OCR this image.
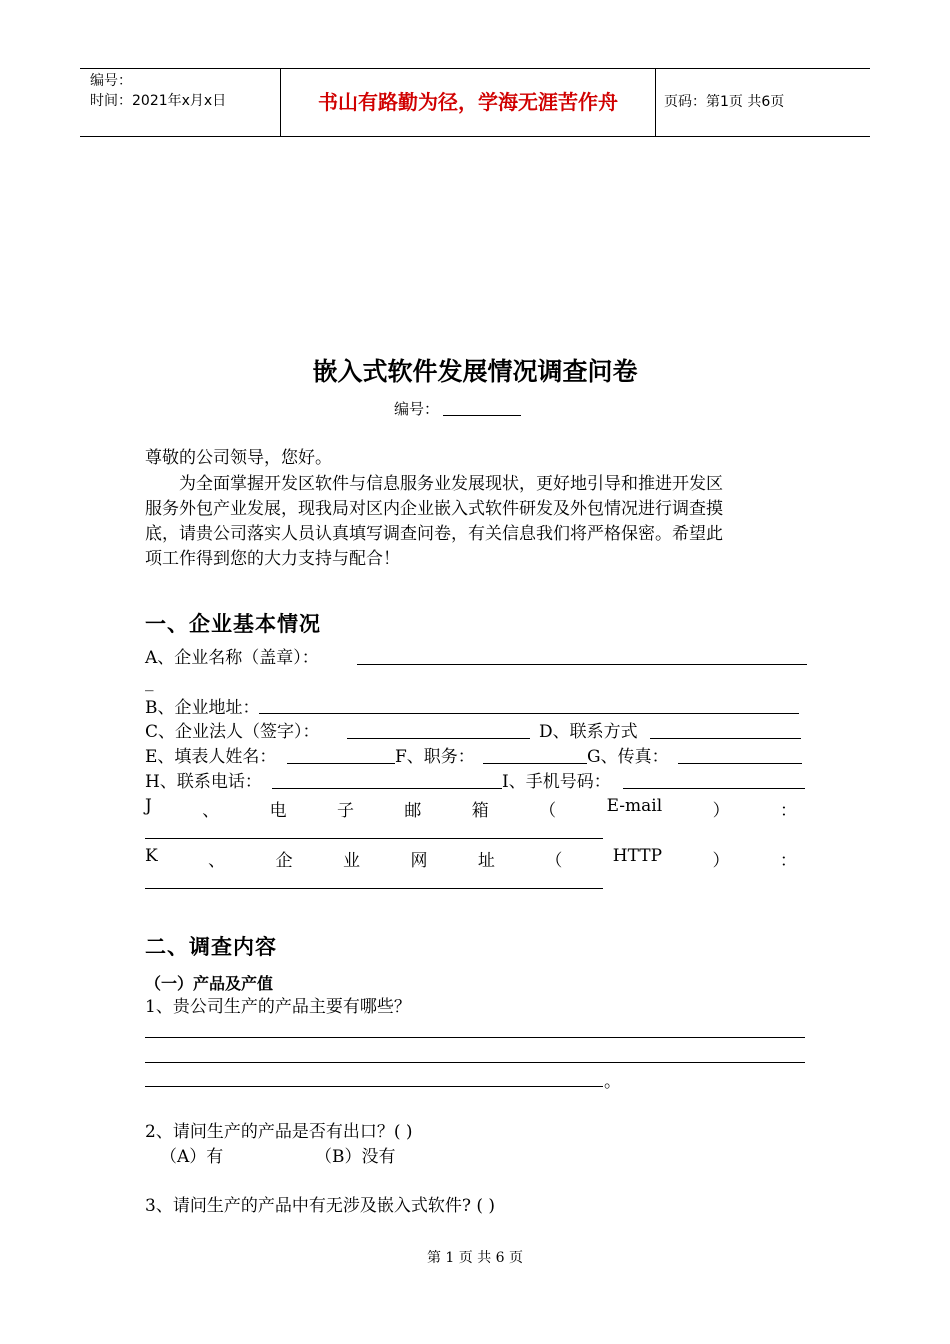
编号：
时间：2021年x月x日	书山有路勤为径，学海无涯苦作舟	页码：第1页 共6页
嵌入式软件发展情况调查问卷
编号：
尊敬的公司领导，您好。
　　为全面掌握开发区软件与信息服务业发展现状，更好地引导和推进开发区
服务外包产业发展，现我局对区内企业嵌入式软件研发及外包情况进行调查摸
底，请贵公司落实人员认真填写调查问卷，有关信息我们将严格保密。希望此
项工作得到您的大力支持与配合！
一、企业基本情况
A、企业名称（盖章）：
_
B、企业地址：
C、企业法人（签字）：	D、联系方式
E、填表人姓名：	F、职务：	G、传真：
H、联系电话：	I、手机号码：
J	、	电	子	邮	箱	（	E-mail	）	：
K	、	企	业	网	址	（	HTTP	）	：
二、调查内容
（一）产品及产值
1、贵公司生产的产品主要有哪些？
。
2、请问生产的产品是否有出口？( )
（A）有	（B）没有
3、请问生产的产品中有无涉及嵌入式软件? ( )
第 1 页 共 6 页
